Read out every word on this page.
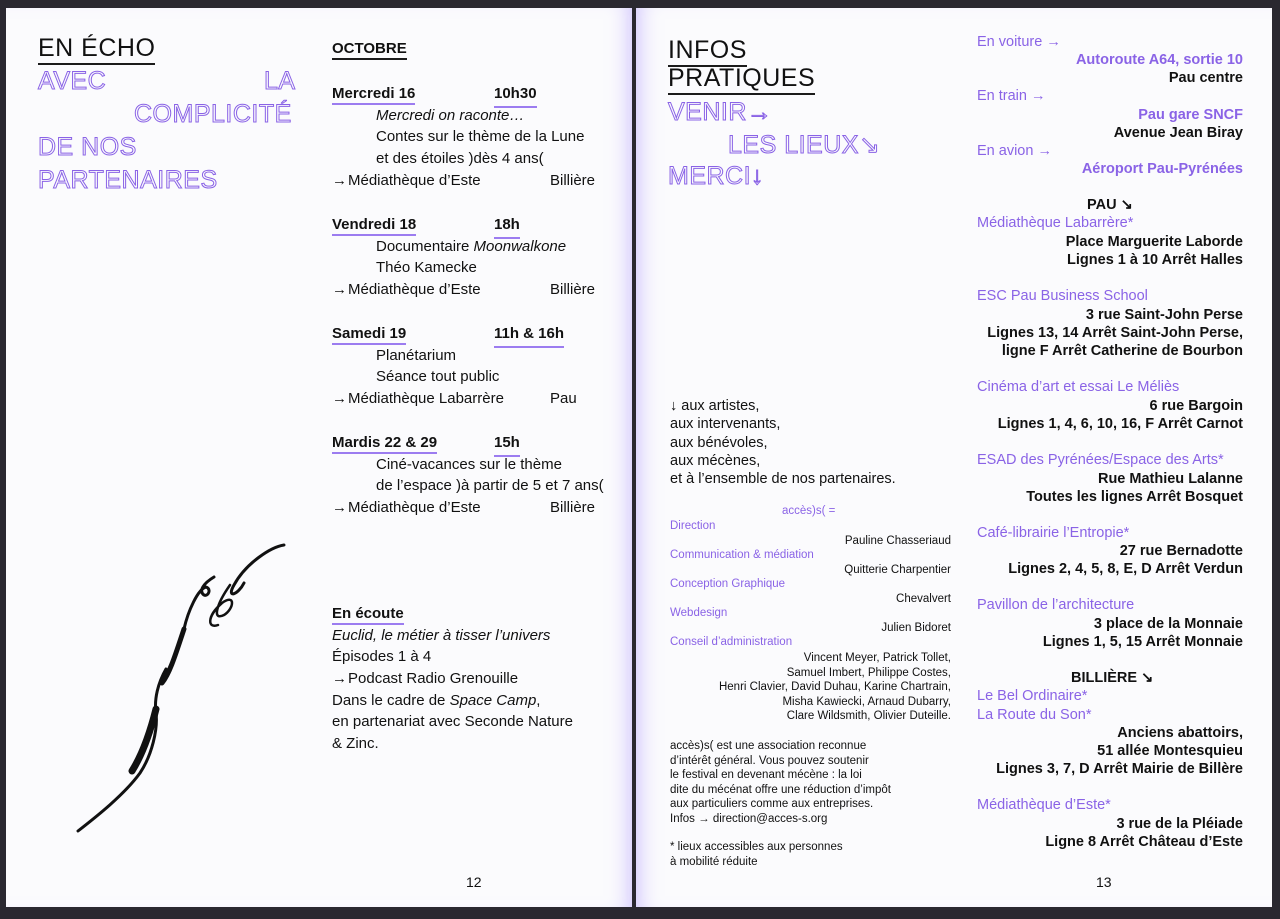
EN ÉCHO
AVEC	LA
COMPLICITÉ
DE NOS
PARTENAIRES
OCTOBRE
Mercredi 16	10h30
Mercredi on raconte…
Contes sur le thème de la Lune
et des étoiles )dès 4 ans(
→Médiathèque d’Este	Billière
Vendredi 18	18h
Documentaire Moonwalkone
Théo Kamecke
→Médiathèque d’Este	Billière
Samedi 19	11h & 16h
Planétarium
Séance tout public
→Médiathèque Labarrère	Pau
Mardis 22 & 29	15h
Ciné-vacances sur le thème
de l’espace )à partir de 5 et 7 ans(
→Médiathèque d’Este	Billière
En écoute
Euclid, le métier à tisser l’univers
Épisodes 1 à 4
→Podcast Radio Grenouille
Dans le cadre de Space Camp,
en partenariat avec Seconde Nature
& Zinc.
12
INFOS
PRATIQUES
VENIR→
LES LIEUX↘
MERCI↓
↓ aux artistes,
aux intervenants,
aux bénévoles,
aux mécènes,
et à l’ensemble de nos partenaires.
accès)s( =
Direction
Pauline Chasseriaud
Communication & médiation
Quitterie Charpentier
Conception Graphique
Chevalvert
Webdesign
Julien Bidoret
Conseil d’administration
Vincent Meyer, Patrick Tollet,
Samuel Imbert, Philippe Costes,
Henri Clavier, David Duhau, Karine Chartrain,
Misha Kawiecki, Arnaud Dubarry,
Clare Wildsmith, Olivier Duteille.
accès)s( est une association reconnue
d’intérêt général. Vous pouvez soutenir
le festival en devenant mécène : la loi
dite du mécénat offre une réduction d’impôt
aux particuliers comme aux entreprises.
Infos → direction@acces-s.org
* lieux accessibles aux personnes
à mobilité réduite
13
En voiture →
Autoroute A64, sortie 10
Pau centre
En train →
Pau gare SNCF
Avenue Jean Biray
En avion →
Aéroport Pau-Pyrénées
PAU ↘
Médiathèque Labarrère*
Place Marguerite Laborde
Lignes 1 à 10 Arrêt Halles
ESC Pau Business School
3 rue Saint-John Perse
Lignes 13, 14 Arrêt Saint-John Perse,
ligne F Arrêt Catherine de Bourbon
Cinéma d’art et essai Le Méliès
6 rue Bargoin
Lignes 1, 4, 6, 10, 16, F Arrêt Carnot
ESAD des Pyrénées/Espace des Arts*
Rue Mathieu Lalanne
Toutes les lignes Arrêt Bosquet
Café-librairie l’Entropie*
27 rue Bernadotte
Lignes 2, 4, 5, 8, E, D Arrêt Verdun
Pavillon de l’architecture
3 place de la Monnaie
Lignes 1, 5, 15 Arrêt Monnaie
BILLIÈRE ↘
Le Bel Ordinaire*
La Route du Son*
Anciens abattoirs,
51 allée Montesquieu
Lignes 3, 7, D Arrêt Mairie de Billère
Médiathèque d’Este*
3 rue de la Pléiade
Ligne 8 Arrêt Château d’Este
